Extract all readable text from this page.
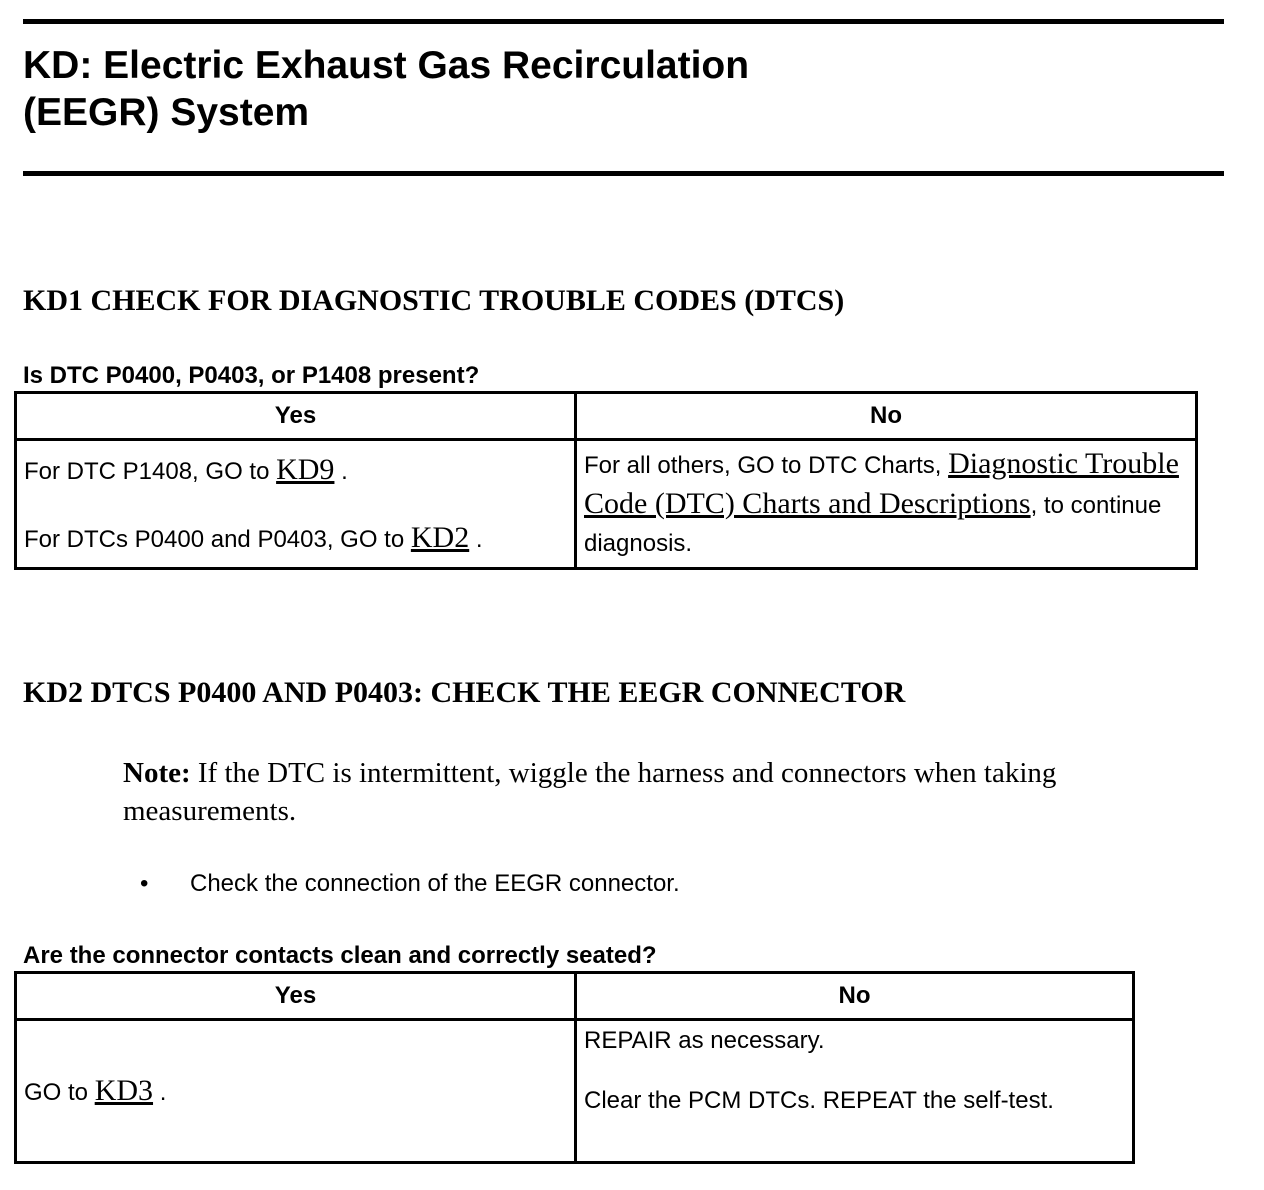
KD: Electric Exhaust Gas Recirculation
(EEGR) System
KD1 CHECK FOR DIAGNOSTIC TROUBLE CODES (DTCS)
Is DTC P0400, P0403, or P1408 present?
Yes	No

For DTC P1408, GO to KD9 .

For DTCs P0400 and P0403, GO to KD2 .	For all others, GO to DTC Charts, Diagnostic Trouble Code (DTC) Charts and Descriptions, to continue diagnosis.
KD2 DTCS P0400 AND P0403: CHECK THE EEGR CONNECTOR
Note: If the DTC is intermittent, wiggle the harness and connectors when taking measurements.
• Check the connection of the EEGR connector.
Are the connector contacts clean and correctly seated?
Yes	No
GO to KD3 .	REPAIR as necessary.

Clear the PCM DTCs. REPEAT the self-test.
